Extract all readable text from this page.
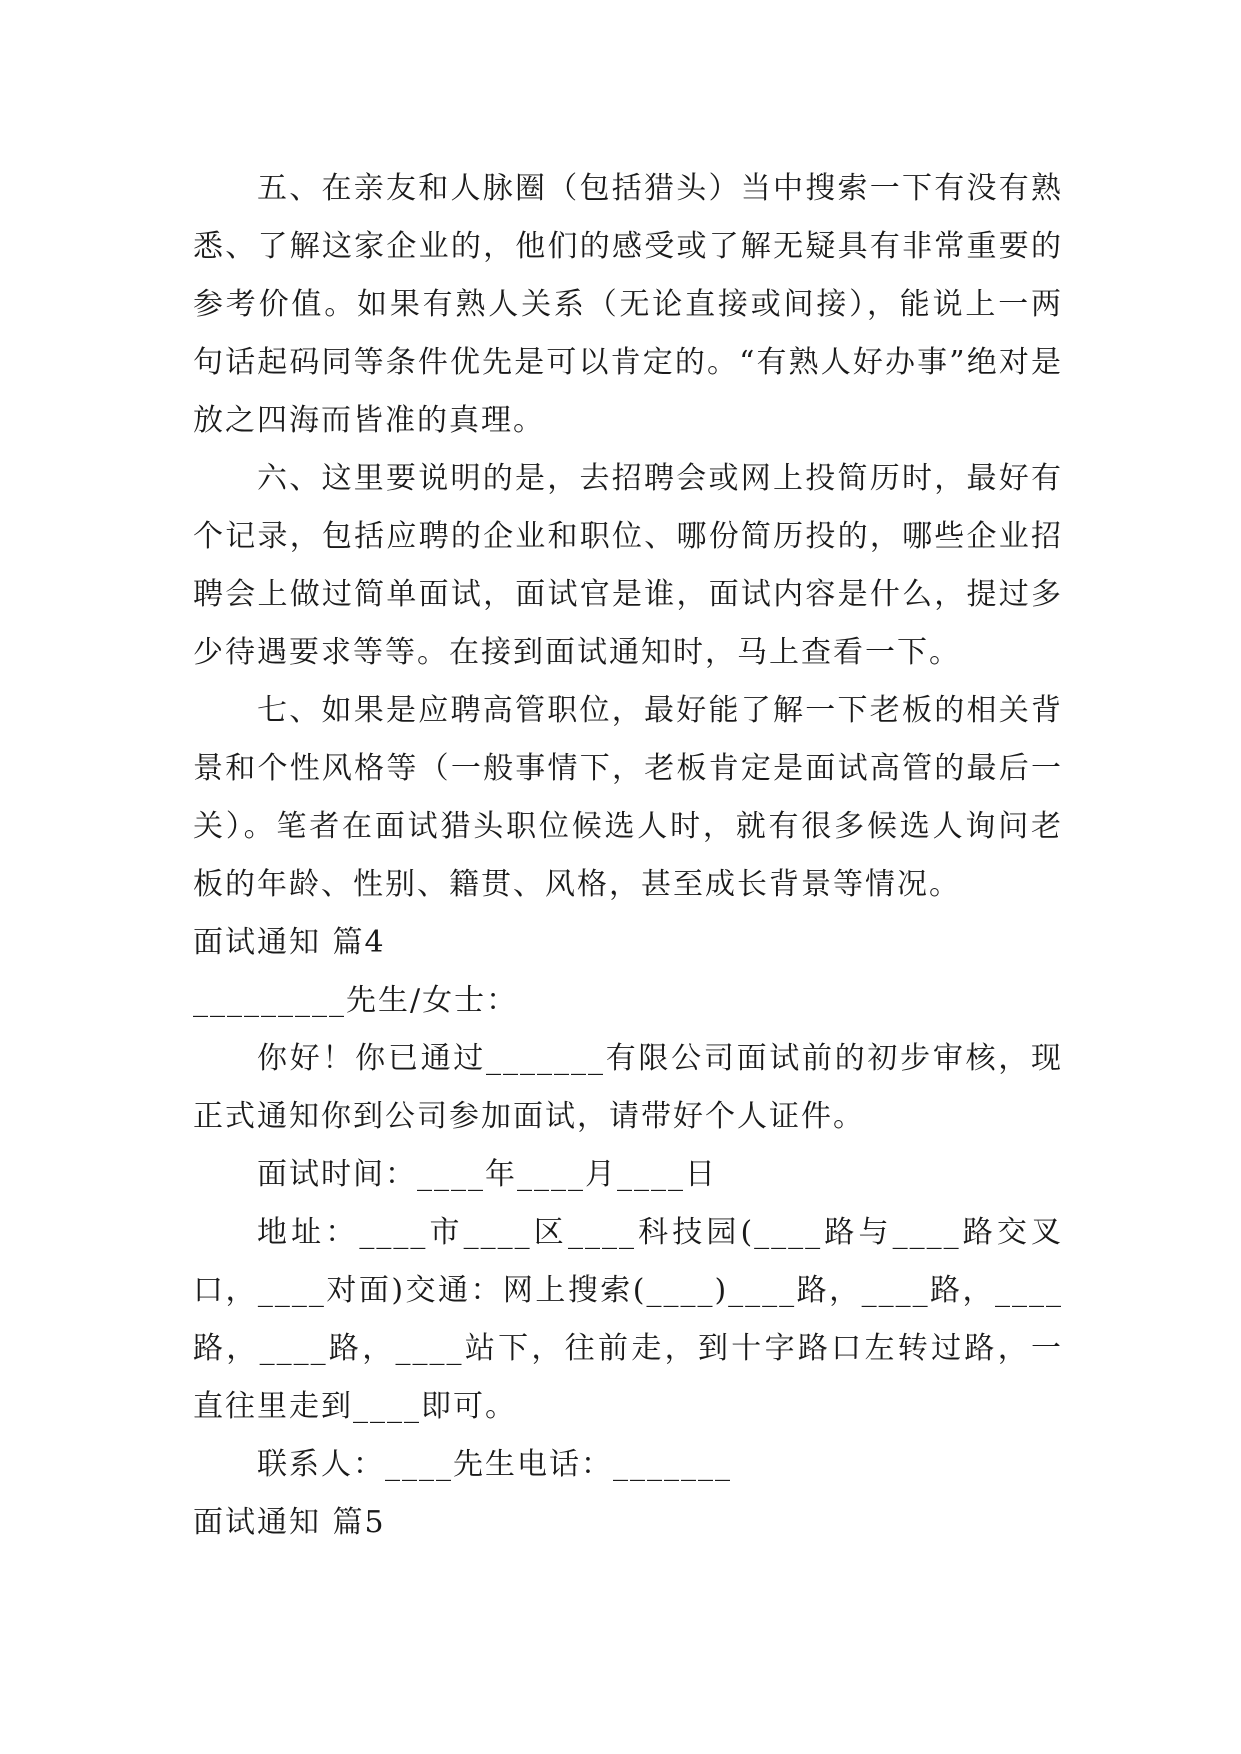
五、在亲友和人脉圈（包括猎头）当中搜索一下有没有熟悉、了解这家企业的，他们的感受或了解无疑具有非常重要的参考价值。如果有熟人关系（无论直接或间接），能说上一两句话起码同等条件优先是可以肯定的。“有熟人好办事”绝对是放之四海而皆准的真理。

六、这里要说明的是，去招聘会或网上投简历时，最好有个记录，包括应聘的企业和职位、哪份简历投的，哪些企业招聘会上做过简单面试，面试官是谁，面试内容是什么，提过多少待遇要求等等。在接到面试通知时，马上查看一下。

七、如果是应聘高管职位，最好能了解一下老板的相关背景和个性风格等（一般事情下，老板肯定是面试高管的最后一关）。笔者在面试猎头职位候选人时，就有很多候选人询问老板的年龄、性别、籍贯、风格，甚至成长背景等情况。

面试通知 篇4

_________先生/女士：

你好！你已通过_______有限公司面试前的初步审核，现正式通知你到公司参加面试，请带好个人证件。

面试时间：____年____月____日

地址：____市____区____科技园(____路与____路交叉口，____对面)交通：网上搜索(____)____路，____路，____路，____路，____站下，往前走，到十字路口左转过路，一直往里走到____即可。

联系人：____先生电话：_______

面试通知 篇5
